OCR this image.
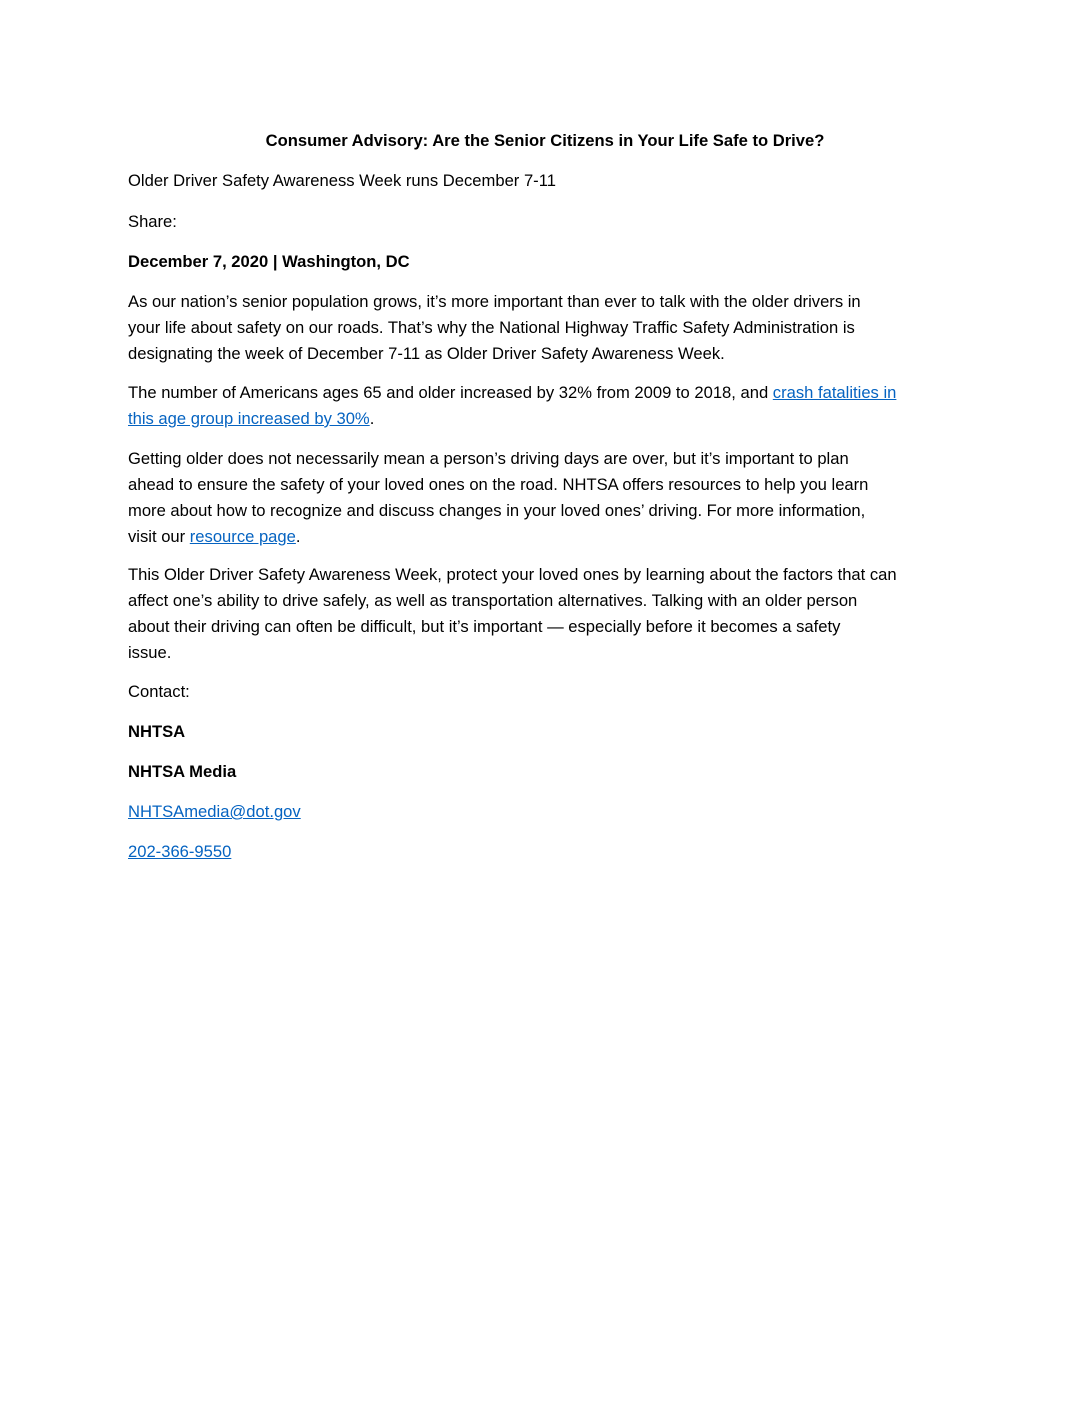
Consumer Advisory: Are the Senior Citizens in Your Life Safe to Drive?

Older Driver Safety Awareness Week runs December 7-11

Share:

December 7, 2020 | Washington, DC

As our nation’s senior population grows, it’s more important than ever to talk with the older drivers in
your life about safety on our roads. That’s why the National Highway Traffic Safety Administration is
designating the week of December 7-11 as Older Driver Safety Awareness Week.

The number of Americans ages 65 and older increased by 32% from 2009 to 2018, and crash fatalities in
this age group increased by 30%.

Getting older does not necessarily mean a person’s driving days are over, but it’s important to plan
ahead to ensure the safety of your loved ones on the road. NHTSA offers resources to help you learn
more about how to recognize and discuss changes in your loved ones’ driving. For more information,
visit our resource page.

This Older Driver Safety Awareness Week, protect your loved ones by learning about the factors that can
affect one’s ability to drive safely, as well as transportation alternatives. Talking with an older person
about their driving can often be difficult, but it’s important — especially before it becomes a safety
issue.

Contact:

NHTSA

NHTSA Media

NHTSAmedia@dot.gov

202-366-9550
